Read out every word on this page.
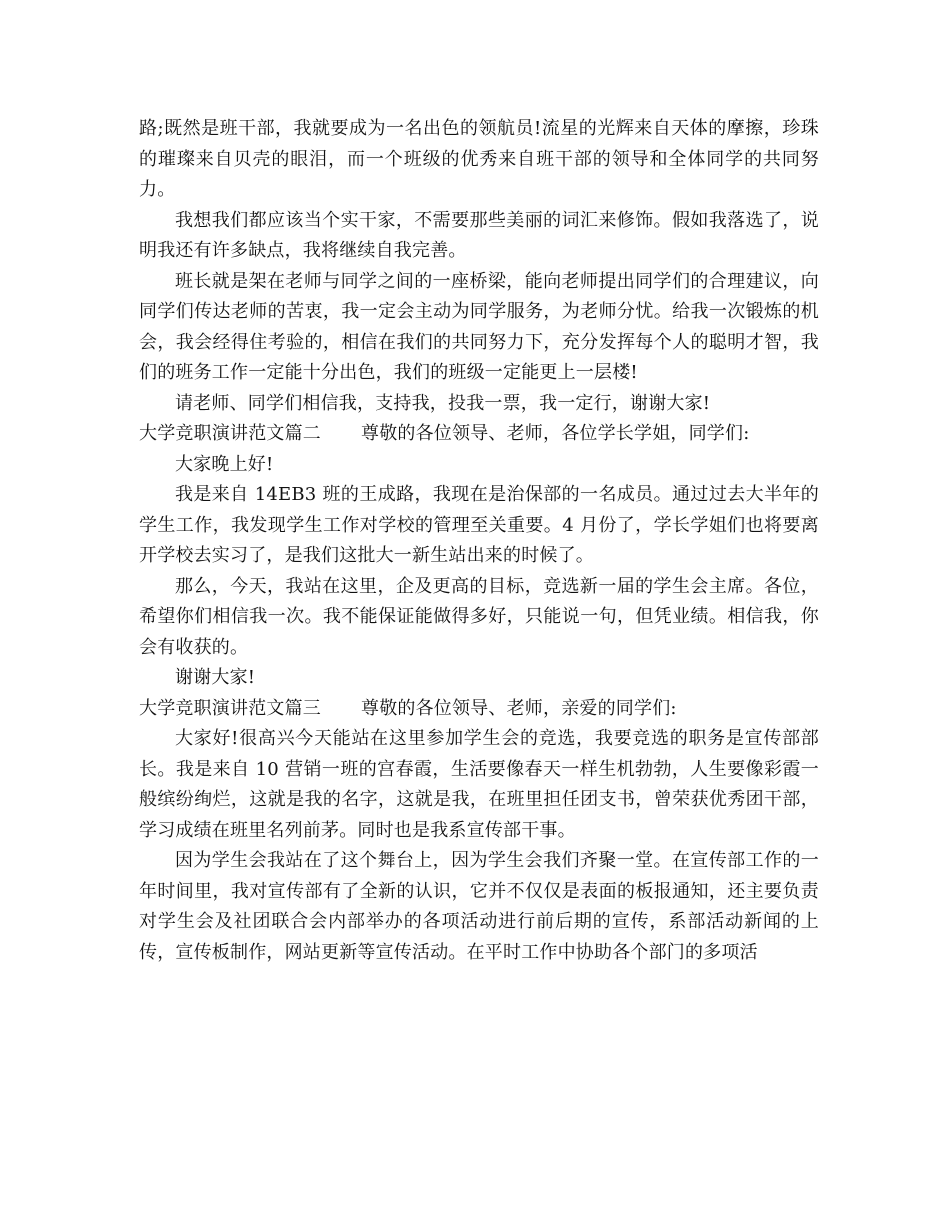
路;既然是班干部，我就要成为一名出色的领航员!流星的光辉来自天体的摩擦，珍珠的璀璨来自贝壳的眼泪，而一个班级的优秀来自班干部的领导和全体同学的共同努力。

我想我们都应该当个实干家，不需要那些美丽的词汇来修饰。假如我落选了，说明我还有许多缺点，我将继续自我完善。

班长就是架在老师与同学之间的一座桥梁，能向老师提出同学们的合理建议，向同学们传达老师的苦衷，我一定会主动为同学服务，为老师分忧。给我一次锻炼的机会，我会经得住考验的，相信在我们的共同努力下，充分发挥每个人的聪明才智，我们的班务工作一定能十分出色，我们的班级一定能更上一层楼!

请老师、同学们相信我，支持我，投我一票，我一定行，谢谢大家!

大学竞职演讲范文篇二 尊敬的各位领导、老师，各位学长学姐，同学们:

大家晚上好!

我是来自 14EB3 班的王成路，我现在是治保部的一名成员。通过过去大半年的学生工作，我发现学生工作对学校的管理至关重要。4 月份了，学长学姐们也将要离开学校去实习了，是我们这批大一新生站出来的时候了。

那么，今天，我站在这里，企及更高的目标，竞选新一届的学生会主席。各位，希望你们相信我一次。我不能保证能做得多好，只能说一句，但凭业绩。相信我，你会有收获的。

谢谢大家!

大学竞职演讲范文篇三 尊敬的各位领导、老师，亲爱的同学们:

大家好!很高兴今天能站在这里参加学生会的竞选，我要竞选的职务是宣传部部长。我是来自 10 营销一班的宫春霞，生活要像春天一样生机勃勃，人生要像彩霞一般缤纷绚烂，这就是我的名字，这就是我，在班里担任团支书，曾荣获优秀团干部，学习成绩在班里名列前茅。同时也是我系宣传部干事。

因为学生会我站在了这个舞台上，因为学生会我们齐聚一堂。在宣传部工作的一年时间里，我对宣传部有了全新的认识，它并不仅仅是表面的板报通知，还主要负责对学生会及社团联合会内部举办的各项活动进行前后期的宣传，系部活动新闻的上传，宣传板制作，网站更新等宣传活动。在平时工作中协助各个部门的多项活
